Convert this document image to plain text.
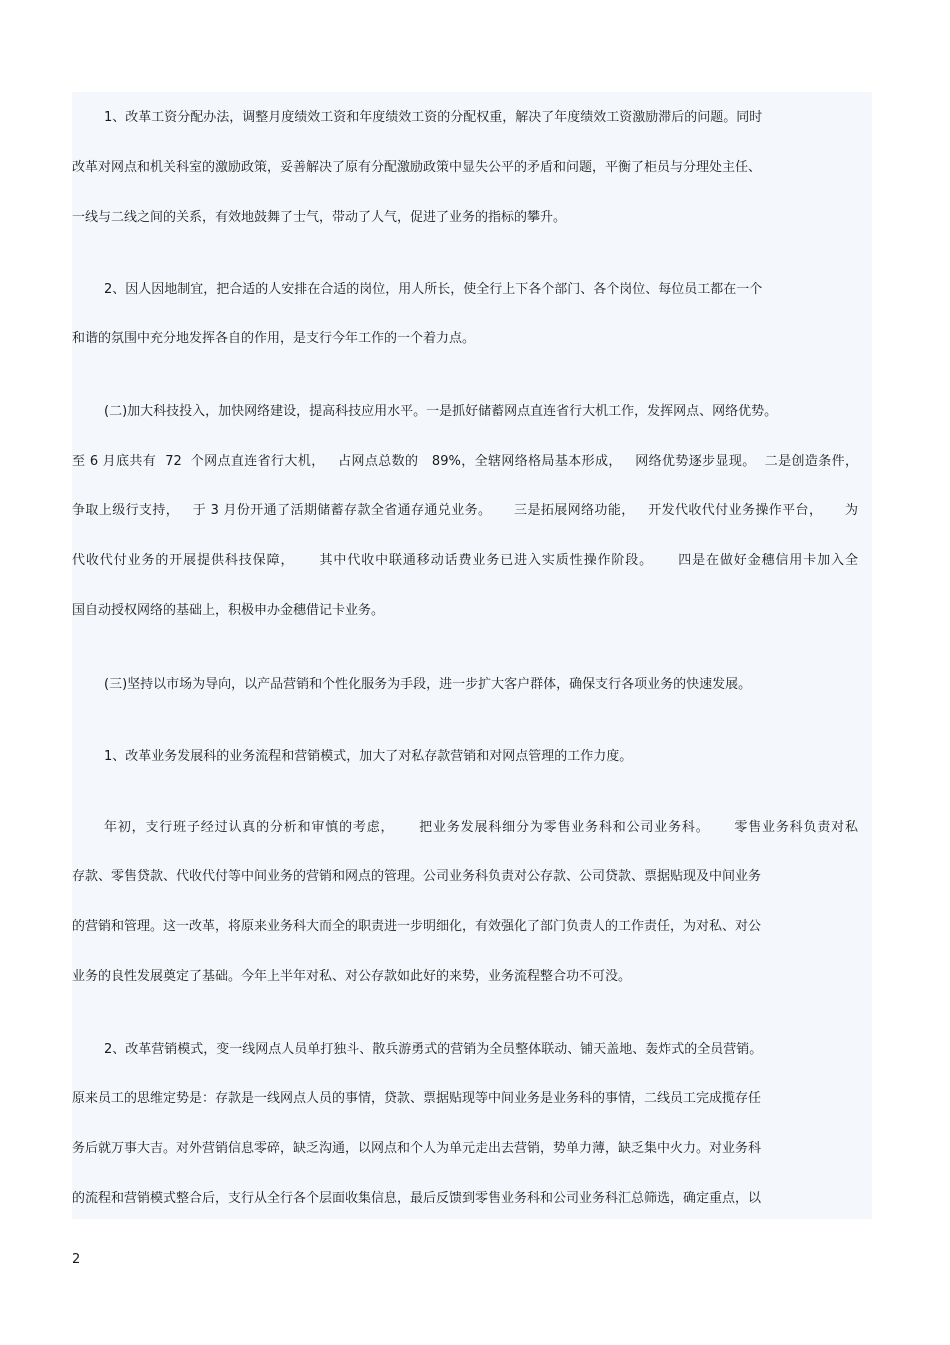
1、改革工资分配办法，调整月度绩效工资和年度绩效工资的分配权重，解决了年度绩效工资激励滞后的问题。同时
改革对网点和机关科室的激励政策，妥善解决了原有分配激励政策中显失公平的矛盾和问题，平衡了柜员与分理处主任、
一线与二线之间的关系，有效地鼓舞了士气，带动了人气，促进了业务的指标的攀升。
2、因人因地制宜，把合适的人安排在合适的岗位，用人所长，使全行上下各个部门、各个岗位、每位员工都在一个
和谐的氛围中充分地发挥各自的作用，是支行今年工作的一个着力点。
(二)加大科技投入，加快网络建设，提高科技应用水平。一是抓好储蓄网点直连省行大机工作，发挥网点、网络优势。
至 6 月底共有  72  个网点直连省行大机，   占网点总数的   89%，全辖网络格局基本形成，   网络优势逐步显现。  二是创造条件，
争取上级行支持，   于 3 月份开通了活期储蓄存款全省通存通兑业务。     三是拓展网络功能，   开发代收代付业务操作平台，     为
代收代付业务的开展提供科技保障，     其中代收中联通移动话费业务已进入实质性操作阶段。     四是在做好金穗信用卡加入全
国自动授权网络的基础上，积极申办金穗借记卡业务。
(三)坚持以市场为导向，以产品营销和个性化服务为手段，进一步扩大客户群体，确保支行各项业务的快速发展。
1、改革业务发展科的业务流程和营销模式，加大了对私存款营销和对网点管理的工作力度。
年初，支行班子经过认真的分析和审慎的考虑，     把业务发展科细分为零售业务科和公司业务科。     零售业务科负责对私
存款、零售贷款、代收代付等中间业务的营销和网点的管理。公司业务科负责对公存款、公司贷款、票据贴现及中间业务
的营销和管理。这一改革，将原来业务科大而全的职责进一步明细化，有效强化了部门负责人的工作责任，为对私、对公
业务的良性发展奠定了基础。今年上半年对私、对公存款如此好的来势，业务流程整合功不可没。
2、改革营销模式，变一线网点人员单打独斗、散兵游勇式的营销为全员整体联动、铺天盖地、轰炸式的全员营销。
原来员工的思维定势是：存款是一线网点人员的事情，贷款、票据贴现等中间业务是业务科的事情，二线员工完成揽存任
务后就万事大吉。对外营销信息零碎，缺乏沟通，以网点和个人为单元走出去营销，势单力薄，缺乏集中火力。对业务科
的流程和营销模式整合后，支行从全行各个层面收集信息，最后反馈到零售业务科和公司业务科汇总筛选，确定重点，以
2
